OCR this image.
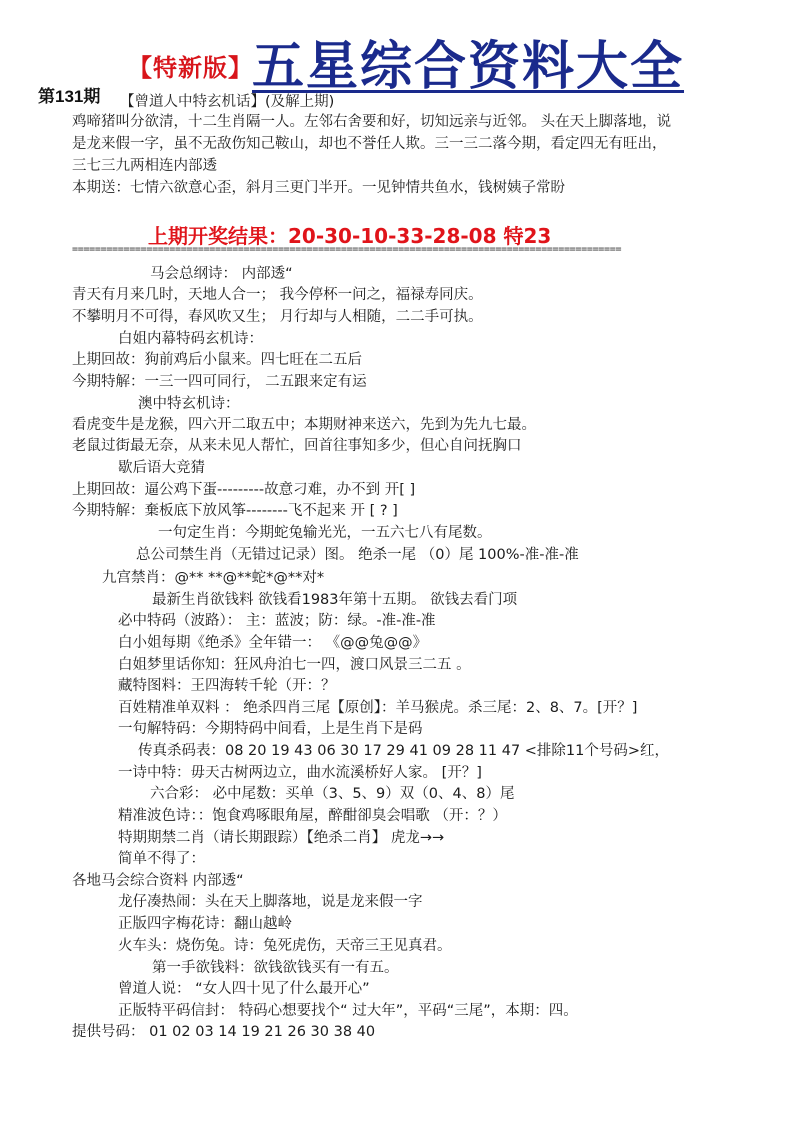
【特新版】 五星综合资料大全
第131期 【曾道人中特玄机话】(及解上期)
鸡啼猪叫分欲清，十二生肖隔一人。左邻右舍要和好，切知远亲与近邻。 头在天上脚落地，说
是龙来假一字，虽不无敌伤知己鞍山，却也不誉任人欺。三一三二落今期，看定四无有旺出，
三七三九两相连内部透
本期送：七情六欲意心歪，斜月三更门半开。一见钟情共鱼水，钱树姨子常盼
上期开奖结果：20-30-10-33-28-08 特23
================================================================================================
马会总纲诗： 内部透“
青天有月来几时，天地人合一； 我今停杯一问之，福禄寿同庆。
不攀明月不可得，春风吹又生； 月行却与人相随，二二手可执。
白姐内幕特码玄机诗：
上期回故：狗前鸡后小鼠来。四七旺在二五后
今期特解：一三一四可同行， 二五跟来定有运
澳中特玄机诗：
看虎变牛是龙猴，四六开二取五中；本期财神来送六，先到为先九七最。
老鼠过街最无奈，从来未见人帮忙，回首往事知多少，但心自问抚胸口
歇后语大竞猜
上期回故：逼公鸡下蛋---------故意刁难，办不到 开[ ]
今期特解：棄板底下放风筝--------飞不起来 开 [ ? ]
一句定生肖：今期蛇兔输光光，一五六七八有尾数。
总公司禁生肖（无错过记录）图。 绝杀一尾 （0）尾 100%-准-准-准
九宫禁肖：@** **@**蛇*@**对*
最新生肖欲钱料 欲钱看1983年第十五期。 欲钱去看门项
必中特码（波路）： 主：蓝波；防：绿。-准-准-准
白小姐每期《绝杀》全年错一： 《@@兔@@》
白姐梦里话你知：狂风舟泊七一四，渡口风景三二五 。
藏特图料：王四海转千轮（开：？
百姓精准单双料 ： 绝杀四肖三尾【原创】：羊马猴虎。杀三尾：2、8、7。[开？]
一句解特码：今期特码中间看，上是生肖下是码
传真杀码表：08 20 19 43 06 30 17 29 41 09 28 11 47 <排除11个号码>红，
一诗中特：毋天古树两边立，曲水流溪桥好人家。 [开？]
六合彩： 必中尾数：买单（3、5、9）双（0、4、8）尾
精准波色诗：：饱食鸡啄眼角屋，醉酣卻臭会唱歌 （开：？）
特期期禁二肖（请长期跟踪）【绝杀二肖】 虎龙→→
简单不得了：
各地马会综合资料 内部透“
龙仔凑热闹：头在天上脚落地，说是龙来假一字
正版四字梅花诗：翻山越岭
火车头：烧伤兔。诗：兔死虎伤，天帝三王见真君。
第一手欲钱料：欲钱欲钱买有一有五。
曾道人说： “女人四十见了什么最开心”
正版特平码信封： 特码心想要找个“ 过大年”，平码“三尾”，本期：四。
提供号码： 01 02 03 14 19 21 26 30 38 40
